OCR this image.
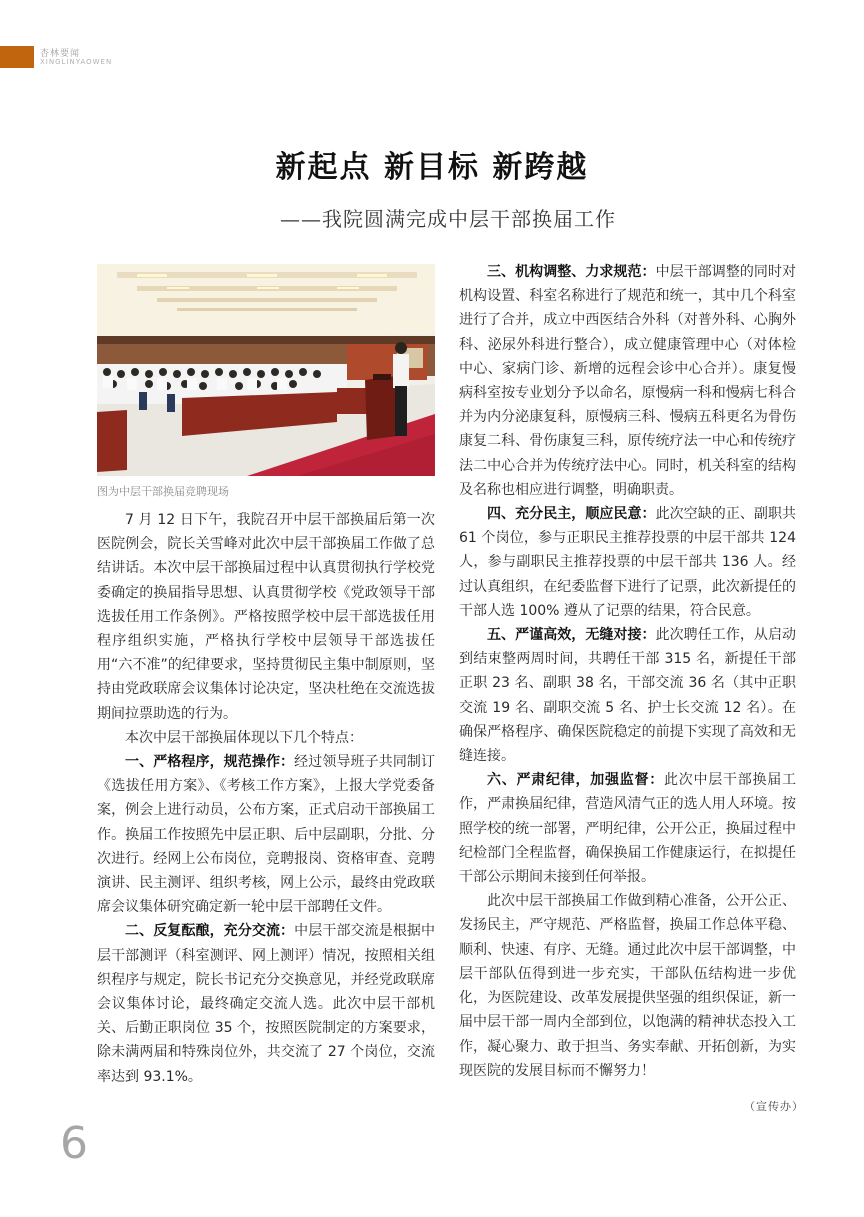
杏林要闻
XINGLINYAOWEN
新起点 新目标 新跨越
——我院圆满完成中层干部换届工作
图为中层干部换届竞聘现场

7 月 12 日下午，我院召开中层干部换届后第一次医院例会，院长关雪峰对此次中层干部换届工作做了总结讲话。本次中层干部换届过程中认真贯彻执行学校党委确定的换届指导思想、认真贯彻学校《党政领导干部选拔任用工作条例》。严格按照学校中层干部选拔任用程序组织实施，严格执行学校中层领导干部选拔任用“六不准”的纪律要求，坚持贯彻民主集中制原则，坚持由党政联席会议集体讨论决定，坚决杜绝在交流选拔期间拉票助选的行为。

本次中层干部换届体现以下几个特点：

一、严格程序，规范操作：经过领导班子共同制订《选拔任用方案》、《考核工作方案》，上报大学党委备案，例会上进行动员，公布方案，正式启动干部换届工作。换届工作按照先中层正职、后中层副职，分批、分次进行。经网上公布岗位，竞聘报岗、资格审查、竞聘演讲、民主测评、组织考核，网上公示，最终由党政联席会议集体研究确定新一轮中层干部聘任文件。

二、反复酝酿，充分交流：中层干部交流是根据中层干部测评（科室测评、网上测评）情况，按照相关组织程序与规定，院长书记充分交换意见，并经党政联席会议集体讨论，最终确定交流人选。此次中层干部机关、后勤正职岗位 35 个，按照医院制定的方案要求，除未满两届和特殊岗位外，共交流了 27 个岗位，交流率达到 93.1%。

三、机构调整、力求规范：中层干部调整的同时对机构设置、科室名称进行了规范和统一，其中几个科室进行了合并，成立中西医结合外科（对普外科、心胸外科、泌尿外科进行整合），成立健康管理中心（对体检中心、家病门诊、新增的远程会诊中心合并）。康复慢病科室按专业划分予以命名，原慢病一科和慢病七科合并为内分泌康复科，原慢病三科、慢病五科更名为骨伤康复二科、骨伤康复三科，原传统疗法一中心和传统疗法二中心合并为传统疗法中心。同时，机关科室的结构及名称也相应进行调整，明确职责。

四、充分民主，顺应民意：此次空缺的正、副职共 61 个岗位，参与正职民主推荐投票的中层干部共 124 人，参与副职民主推荐投票的中层干部共 136 人。经过认真组织，在纪委监督下进行了记票，此次新提任的干部人选 100% 遵从了记票的结果，符合民意。

五、严谨高效，无缝对接：此次聘任工作，从启动到结束整两周时间，共聘任干部 315 名，新提任干部正职 23 名、副职 38 名，干部交流 36 名（其中正职交流 19 名、副职交流 5 名、护士长交流 12 名）。在确保严格程序、确保医院稳定的前提下实现了高效和无缝连接。

六、严肃纪律，加强监督：此次中层干部换届工作，严肃换届纪律，营造风清气正的选人用人环境。按照学校的统一部署，严明纪律，公开公正，换届过程中纪检部门全程监督，确保换届工作健康运行，在拟提任干部公示期间未接到任何举报。

此次中层干部换届工作做到精心准备，公开公正、发扬民主，严守规范、严格监督，换届工作总体平稳、顺利、快速、有序、无缝。通过此次中层干部调整，中层干部队伍得到进一步充实，干部队伍结构进一步优化，为医院建设、改革发展提供坚强的组织保证，新一届中层干部一周内全部到位，以饱满的精神状态投入工作，凝心聚力、敢于担当、务实奉献、开拓创新，为实现医院的发展目标而不懈努力！

（宣传办）
6
